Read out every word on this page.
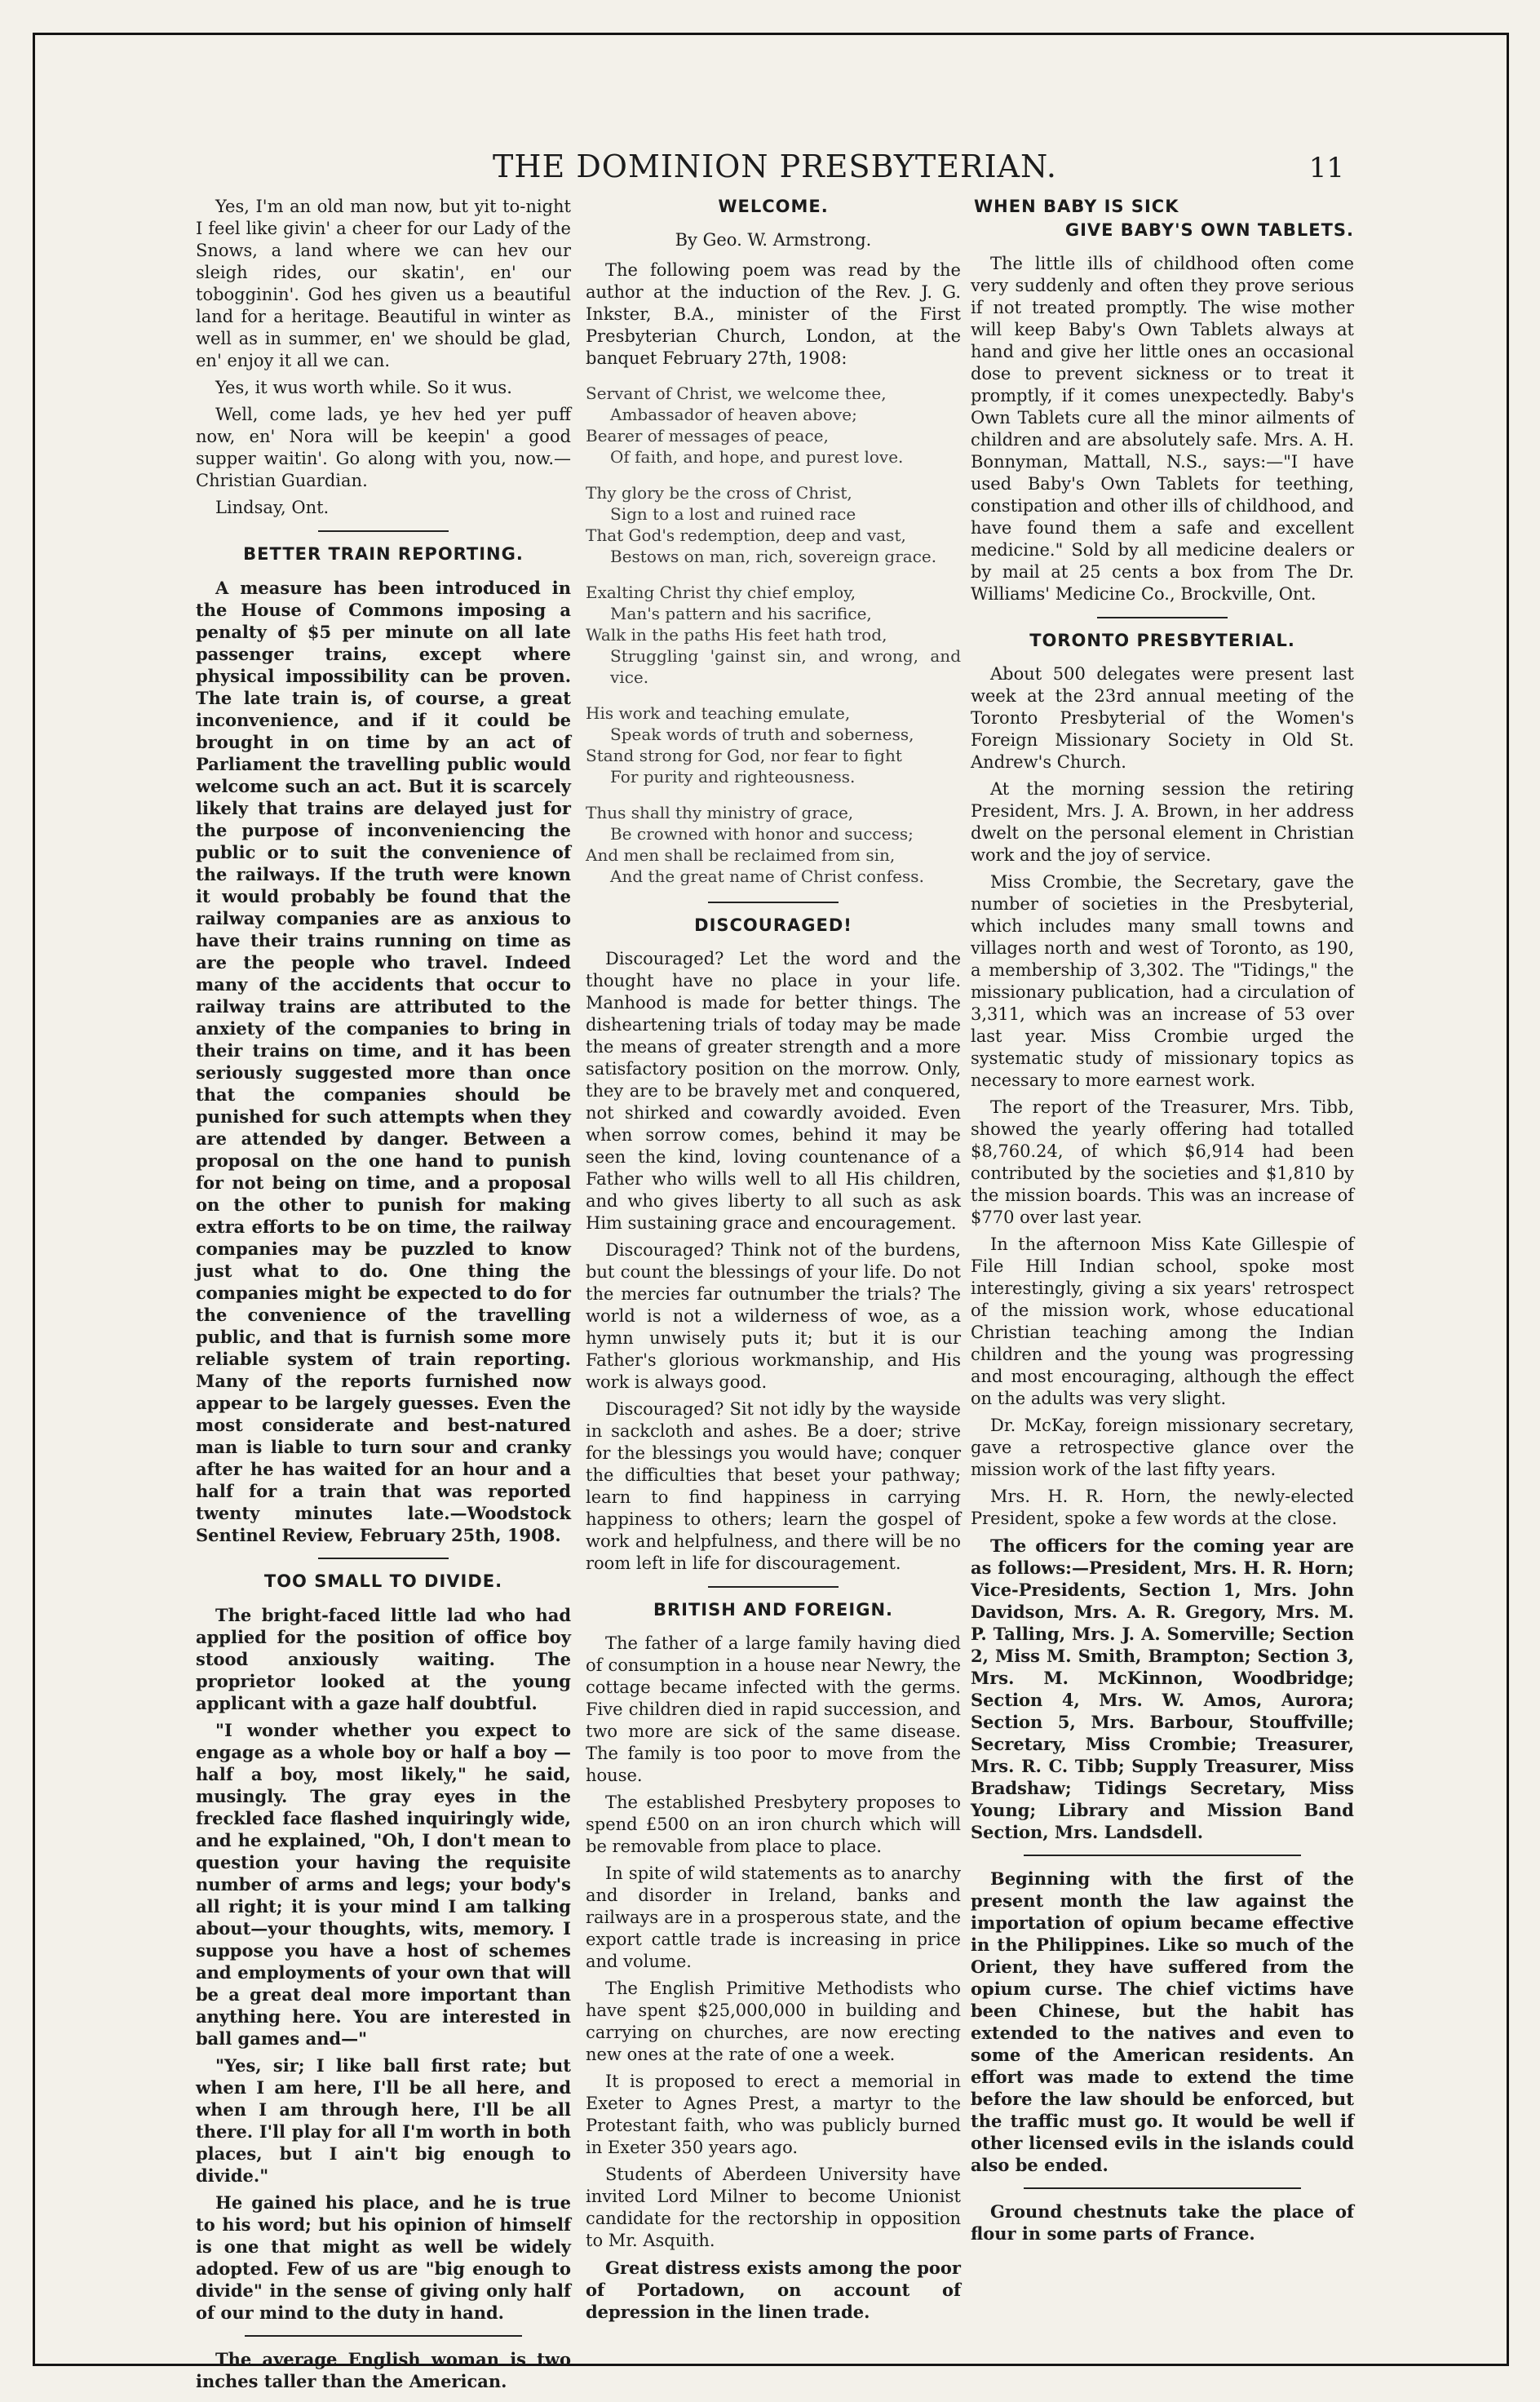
THE DOMINION PRESBYTERIAN.	11

Yes, I'm an old man now, but yit to-night I feel like givin' a cheer for our Lady of the Snows, a land where we can hev our sleigh rides, our skatin', en' our tobogginin'. God hes given us a beautiful land for a heritage. Beautiful in winter as well as in summer, en' we should be glad, en' enjoy it all we can.

Yes, it wus worth while. So it wus.

Well, come lads, ye hev hed yer puff now, en' Nora will be keepin' a good supper waitin'. Go along with you, now.—Christian Guardian.

Lindsay, Ont.

BETTER TRAIN REPORTING.

A measure has been introduced in the House of Commons imposing a penalty of $5 per minute on all late passenger trains, except where physical impossibility can be proven. The late train is, of course, a great inconvenience, and if it could be brought in on time by an act of Parliament the travelling public would welcome such an act. But it is scarcely likely that trains are delayed just for the purpose of inconveniencing the public or to suit the convenience of the railways. If the truth were known it would probably be found that the railway companies are as anxious to have their trains running on time as are the people who travel. Indeed many of the accidents that occur to railway trains are attributed to the anxiety of the companies to bring in their trains on time, and it has been seriously suggested more than once that the companies should be punished for such attempts when they are attended by danger. Between a proposal on the one hand to punish for not being on time, and a proposal on the other to punish for making extra efforts to be on time, the railway companies may be puzzled to know just what to do. One thing the companies might be expected to do for the convenience of the travelling public, and that is furnish some more reliable system of train reporting. Many of the reports furnished now appear to be largely guesses. Even the most considerate and best-natured man is liable to turn sour and cranky after he has waited for an hour and a half for a train that was reported twenty minutes late.—Woodstock Sentinel Review, February 25th, 1908.

TOO SMALL TO DIVIDE.

The bright-faced little lad who had applied for the position of office boy stood anxiously waiting. The proprietor looked at the young applicant with a gaze half doubtful.

"I wonder whether you expect to engage as a whole boy or half a boy —half a boy, most likely," he said, musingly. The gray eyes in the freckled face flashed inquiringly wide, and he explained, "Oh, I don't mean to question your having the requisite number of arms and legs; your body's all right; it is your mind I am talking about—your thoughts, wits, memory. I suppose you have a host of schemes and employments of your own that will be a great deal more important than anything here. You are interested in ball games and—"

"Yes, sir; I like ball first rate; but when I am here, I'll be all here, and when I am through here, I'll be all there. I'll play for all I'm worth in both places, but I ain't big enough to divide."

He gained his place, and he is true to his word; but his opinion of himself is one that might as well be widely adopted. Few of us are "big enough to divide" in the sense of giving only half of our mind to the duty in hand.

The average English woman is two inches taller than the American.

WELCOME.
By Geo. W. Armstrong.

The following poem was read by the author at the induction of the Rev. J. G. Inkster, B.A., minister of the First Presbyterian Church, London, at the banquet February 27th, 1908:

Servant of Christ, we welcome thee,
Ambassador of heaven above;
Bearer of messages of peace,
Of faith, and hope, and purest love.
Thy glory be the cross of Christ,
Sign to a lost and ruined race
That God's redemption, deep and vast,
Bestows on man, rich, sovereign grace.
Exalting Christ thy chief employ,
Man's pattern and his sacrifice,
Walk in the paths His feet hath trod,
Struggling 'gainst sin, and wrong, and vice.
His work and teaching emulate,
Speak words of truth and soberness,
Stand strong for God, nor fear to fight
For purity and righteousness.
Thus shall thy ministry of grace,
Be crowned with honor and success;
And men shall be reclaimed from sin,
And the great name of Christ confess.
DISCOURAGED!

Discouraged? Let the word and the thought have no place in your life. Manhood is made for better things. The disheartening trials of today may be made the means of greater strength and a more satisfactory position on the morrow. Only, they are to be bravely met and conquered, not shirked and cowardly avoided. Even when sorrow comes, behind it may be seen the kind, loving countenance of a Father who wills well to all His children, and who gives liberty to all such as ask Him sustaining grace and encouragement.

Discouraged? Think not of the burdens, but count the blessings of your life. Do not the mercies far outnumber the trials? The world is not a wilderness of woe, as a hymn unwisely puts it; but it is our Father's glorious workmanship, and His work is always good.

Discouraged? Sit not idly by the wayside in sackcloth and ashes. Be a doer; strive for the blessings you would have; conquer the difficulties that beset your pathway; learn to find happiness in carrying happiness to others; learn the gospel of work and helpfulness, and there will be no room left in life for discouragement.

BRITISH AND FOREIGN.

The father of a large family having died of consumption in a house near Newry, the cottage became infected with the germs. Five children died in rapid succession, and two more are sick of the same disease. The family is too poor to move from the house.

The established Presbytery proposes to spend £500 on an iron church which will be removable from place to place.

In spite of wild statements as to anarchy and disorder in Ireland, banks and railways are in a prosperous state, and the export cattle trade is increasing in price and volume.

The English Primitive Methodists who have spent $25,000,000 in building and carrying on churches, are now erecting new ones at the rate of one a week.

It is proposed to erect a memorial in Exeter to Agnes Prest, a martyr to the Protestant faith, who was publicly burned in Exeter 350 years ago.

Students of Aberdeen University have invited Lord Milner to become Unionist candidate for the rectorship in opposition to Mr. Asquith.

Great distress exists among the poor of Portadown, on account of depression in the linen trade.

WHEN BABY IS SICK
GIVE BABY'S OWN TABLETS.

The little ills of childhood often come very suddenly and often they prove serious if not treated promptly. The wise mother will keep Baby's Own Tablets always at hand and give her little ones an occasional dose to prevent sickness or to treat it promptly, if it comes unexpectedly. Baby's Own Tablets cure all the minor ailments of children and are absolutely safe. Mrs. A. H. Bonnyman, Mattall, N.S., says:—"I have used Baby's Own Tablets for teething, constipation and other ills of childhood, and have found them a safe and excellent medicine." Sold by all medicine dealers or by mail at 25 cents a box from The Dr. Williams' Medicine Co., Brockville, Ont.

TORONTO PRESBYTERIAL.

About 500 delegates were present last week at the 23rd annual meeting of the Toronto Presbyterial of the Women's Foreign Missionary Society in Old St. Andrew's Church.

At the morning session the retiring President, Mrs. J. A. Brown, in her address dwelt on the personal element in Christian work and the joy of service.

Miss Crombie, the Secretary, gave the number of societies in the Presbyterial, which includes many small towns and villages north and west of Toronto, as 190, a membership of 3,302. The "Tidings," the missionary publication, had a circulation of 3,311, which was an increase of 53 over last year. Miss Crombie urged the systematic study of missionary topics as necessary to more earnest work.

The report of the Treasurer, Mrs. Tibb, showed the yearly offering had totalled $8,760.24, of which $6,914 had been contributed by the societies and $1,810 by the mission boards. This was an increase of $770 over last year.

In the afternoon Miss Kate Gillespie of File Hill Indian school, spoke most interestingly, giving a six years' retrospect of the mission work, whose educational Christian teaching among the Indian children and the young was progressing and most encouraging, although the effect on the adults was very slight.

Dr. McKay, foreign missionary secretary, gave a retrospective glance over the mission work of the last fifty years.

Mrs. H. R. Horn, the newly-elected President, spoke a few words at the close.

The officers for the coming year are as follows:—President, Mrs. H. R. Horn; Vice-Presidents, Section 1, Mrs. John Davidson, Mrs. A. R. Gregory, Mrs. M. P. Talling, Mrs. J. A. Somerville; Section 2, Miss M. Smith, Brampton; Section 3, Mrs. M. McKinnon, Woodbridge; Section 4, Mrs. W. Amos, Aurora; Section 5, Mrs. Barbour, Stouffville; Secretary, Miss Crombie; Treasurer, Mrs. R. C. Tibb; Supply Treasurer, Miss Bradshaw; Tidings Secretary, Miss Young; Library and Mission Band Section, Mrs. Landsdell.

Beginning with the first of the present month the law against the importation of opium became effective in the Philippines. Like so much of the Orient, they have suffered from the opium curse. The chief victims have been Chinese, but the habit has extended to the natives and even to some of the American residents. An effort was made to extend the time before the law should be enforced, but the traffic must go. It would be well if other licensed evils in the islands could also be ended.

Ground chestnuts take the place of flour in some parts of France.
